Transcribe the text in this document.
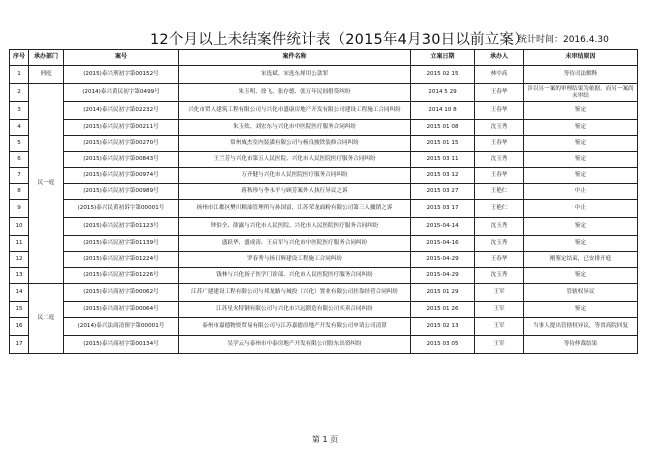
12个月以上未结案件统计表（2015年4月30日以前立案）
统计时间：2016.4.30
序号	承办部门	案号	案件名称	立案日期	承办人	未审结原因
1	刑庭	(2015)泰兴刑初字第00152号	宋选斌、宋选东犀用公款罪	2015 02 15	林中高	等待司法解释
2	民一庭	(2014)泰兴黄民初字第0499号	朱玉明、徐飞、张存德、张万年民间借贷纠纷	2014 5 29	王春华	涉以另一案的审理结果为依据，而另一案尚未审结
3		(2014)泰兴民初字第02232号	兴化市贸人建筑工程有限公司与兴化市盛康房地产开发有限公司建设工程施工合同纠纷	2014 10 8	王春华	鉴定
4		(2015)泰兴民初字第00211号	朱玉炊、刘宏东与兴化市中医院医疗服务合同纠纷	2015 01 08	沈玉秀	鉴定
5		(2015)泰兴民初字第00270号	常州威杰室内装潢有限公司与杨良骏铁装修合同纠纷	2015 01 15	王春华	鉴定
6		(2015)泰兴民初字第00843号	王兰芳与兴化市第五人民医院、兴化市人民医院医疗服务合同纠纷	2015 03 11	沈玉秀	鉴定
7		(2015)泰兴民初字第00974号	万齐健与兴化市人民医院医疗服务合同纠纷	2015 03 12	王春华	鉴定
8		(2015)泰兴民初字第00989号	蒋秋珍与李永平与顾芳案外人执行异议之诉	2015 03 27	王艳仁	中止
9		(2015)泰兴民黄初诉字第00001号	扬州市江都区樊川粮油管理所与孙国富、江苏荣龙面粉有限公司第三人撤销之诉	2015 03 17	王艳仁	中止
10		(2015)泰兴民初字第01123号	钟伯全、薛露与兴化市人民医院、兴化市人民医院医疗服务合同纠纷	2015-04-14	沈玉秀	鉴定
11		(2015)泰兴民初字第01139号	盛跃华、盛成涛、王启军与兴化市中医院医疗服务合同纠纷	2015-04-16	沈玉秀	鉴定
12		(2015)泰兴民初字第01224号	罗春秀与扬日辉建设工程施工合同纠纷	2015-04-29	王春华	刚鉴定结束，已安排开庭
13		(2015)泰兴民初字第01226号	钱林与兴化扬子医学门诊部、兴化市人民医院医疗服务合同纠纷	2015-04-29	沈玉秀	鉴定
14	民二庭	(2015)泰兴商初字第00062号	江苏广建建设工程有限公司与邦龙路与城投（兴化）置业有限公司挂靠经营合同纠纷	2015 01 29	王军	管辖权异议
15		(2015)泰兴商初字第00064号	江苏星火特钢有限公司与兴化市兴远锻造有限公司买卖合同纠纷	2015 01 26	王军	鉴定
16		(2014)泰兴法商清预字第00001号	泰州市嘉德物资贸易有限公司与江苏嘉德房地产开发有限公司申请公司清算	2015 02 13	王军	当事人提出管辖权异议，等省高院回复
17		(2015)泰兴商初字第00134号	吴学云与泰州市中泰房地产开发有限公司股东出资纠纷	2015 03 05	王军	等待仲裁结果
第 1 页
